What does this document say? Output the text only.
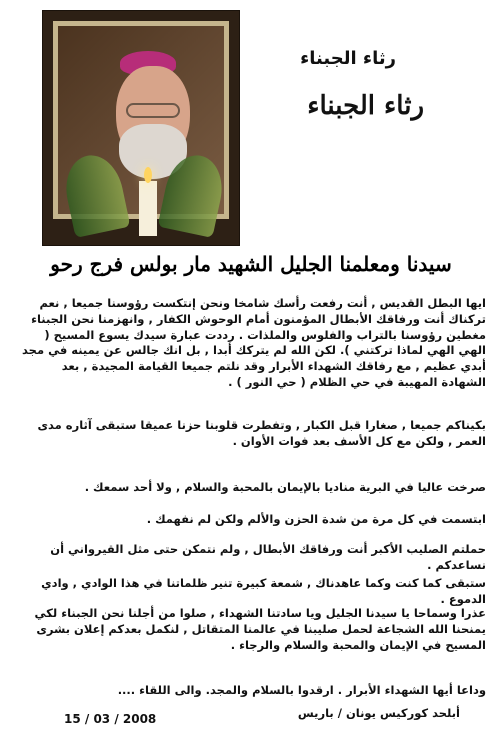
رثاء الجبناء
رثاء الجبناء
سيدنا ومعلمنا الجليل الشهيد مار بولس فرج رحو

ايها البطل القديس , أنت رفعت رأسك شامخا ونحن إنتكست رؤوسنا جميعا , نعم تركناك أنت ورفاقك الأبطال المؤمنون أمام الوحوش الكفار , وانهزمنا نحن الجبناء مغطين رؤوسنا بالتراب والفلوس والملذات . رددت عبارة سيدك يسوع المسيح ( الهي الهي لماذا تركتني ). لكن الله لم يتركك أبدا , بل انك جالس عن يمينه في مجد أبدي عظيم , مع رفاقك الشهداء الأبرار وقد نلتم جميعا القيامة المجيدة , بعد الشهادة المهيبة في حي الظلام ( حي النور ) .

بكيناكم جميعا , صغارا قبل الكبار , وتفطرت قلوبنا حزنا عميقا ستبقى آثاره مدى العمر , ولكن مع كل الأسف بعد فوات الأوان .

صرخت عاليا في البرية مناديا بالإيمان بالمحبة والسلام , ولا أحد سمعك .

ابتسمت في كل مرة من شدة الحزن والألم ولكن لم نفهمك .

حملتم الصليب الأكبر أنت ورفاقك الأبطال , ولم نتمكن حتى مثل القيرواني أن نساعدكم .

ستبقى كما كنت وكما عاهدناك , شمعة كبيرة تنير ظلماتنا في هذا الوادي , وادي الدموع .

عذرا وسماحا يا سيدنا الجليل ويا سادتنا الشهداء , صلوا من أجلنا نحن الجبناء لكي يمنحنا الله الشجاعة لحمل صليبنا في عالمنا المتقاتل , لنكمل بعدكم إعلان بشرى المسيح في الإيمان والمحبة والسلام والرجاء .

وداعا أيها الشهداء الأبرار . ارقدوا بالسلام والمجد. والى اللقاء ....

أبلحد كوركيس يونان / باريس
15 / 03 / 2008
